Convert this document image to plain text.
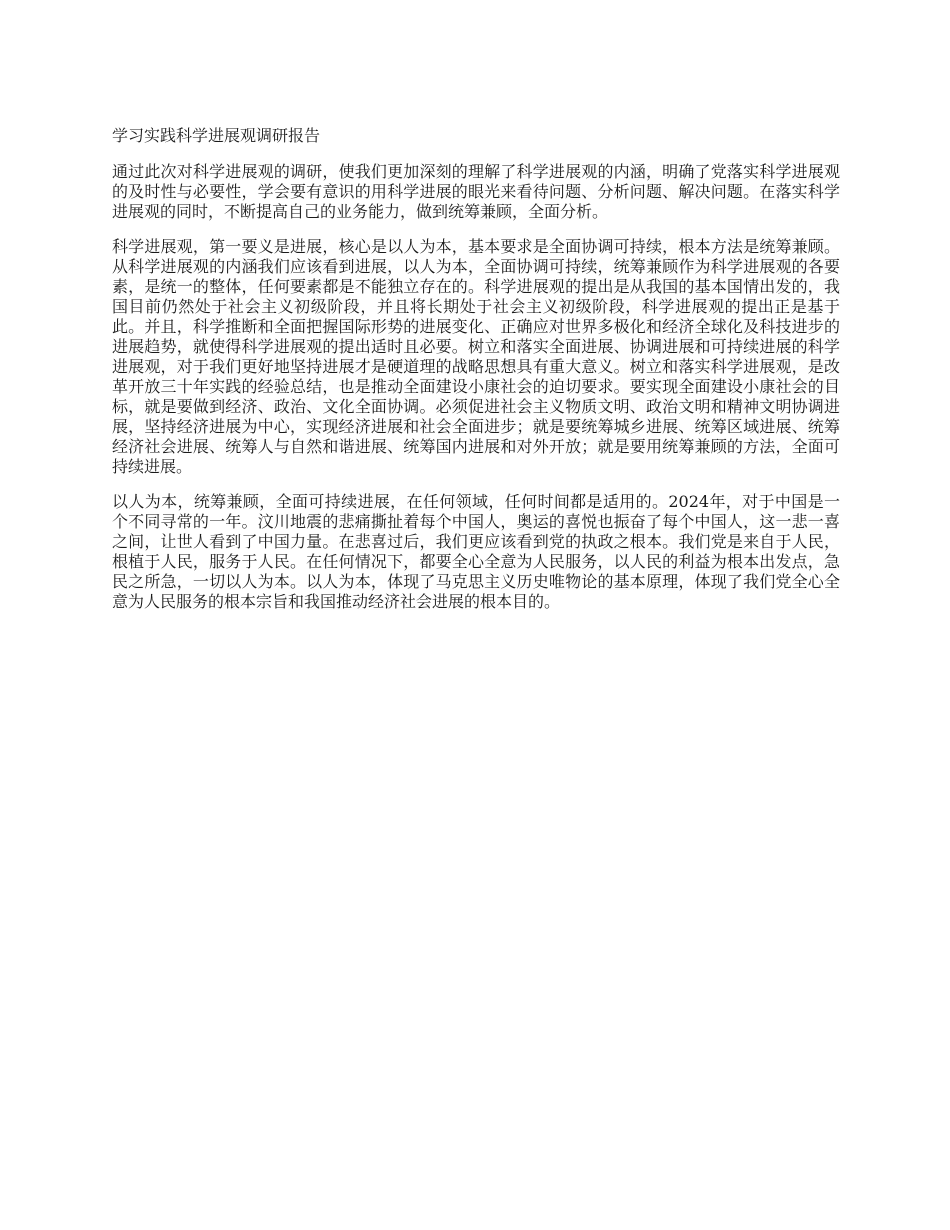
学习实践科学进展观调研报告

通过此次对科学进展观的调研，使我们更加深刻的理解了科学进展观的内涵，明确了党落实科学进展观的及时性与必要性，学会要有意识的用科学进展的眼光来看待问题、分析问题、解决问题。在落实科学进展观的同时，不断提高自己的业务能力，做到统筹兼顾，全面分析。

科学进展观，第一要义是进展，核心是以人为本，基本要求是全面协调可持续，根本方法是统筹兼顾。从科学进展观的内涵我们应该看到进展，以人为本，全面协调可持续，统筹兼顾作为科学进展观的各要素，是统一的整体，任何要素都是不能独立存在的。科学进展观的提出是从我国的基本国情出发的，我国目前仍然处于社会主义初级阶段，并且将长期处于社会主义初级阶段，科学进展观的提出正是基于此。并且，科学推断和全面把握国际形势的进展变化、正确应对世界多极化和经济全球化及科技进步的进展趋势，就使得科学进展观的提出适时且必要。树立和落实全面进展、协调进展和可持续进展的科学进展观，对于我们更好地坚持进展才是硬道理的战略思想具有重大意义。树立和落实科学进展观，是改革开放三十年实践的经验总结，也是推动全面建设小康社会的迫切要求。要实现全面建设小康社会的目标，就是要做到经济、政治、文化全面协调。必须促进社会主义物质文明、政治文明和精神文明协调进展，坚持经济进展为中心，实现经济进展和社会全面进步；就是要统筹城乡进展、统筹区域进展、统筹经济社会进展、统筹人与自然和谐进展、统筹国内进展和对外开放；就是要用统筹兼顾的方法，全面可持续进展。

以人为本，统筹兼顾，全面可持续进展，在任何领域，任何时间都是适用的。2024年，对于中国是一个不同寻常的一年。汶川地震的悲痛撕扯着每个中国人，奥运的喜悦也振奋了每个中国人，这一悲一喜之间，让世人看到了中国力量。在悲喜过后，我们更应该看到党的执政之根本。我们党是来自于人民，根植于人民，服务于人民。在任何情况下，都要全心全意为人民服务，以人民的利益为根本出发点，急民之所急，一切以人为本。以人为本，体现了马克思主义历史唯物论的基本原理，体现了我们党全心全意为人民服务的根本宗旨和我国推动经济社会进展的根本目的。
